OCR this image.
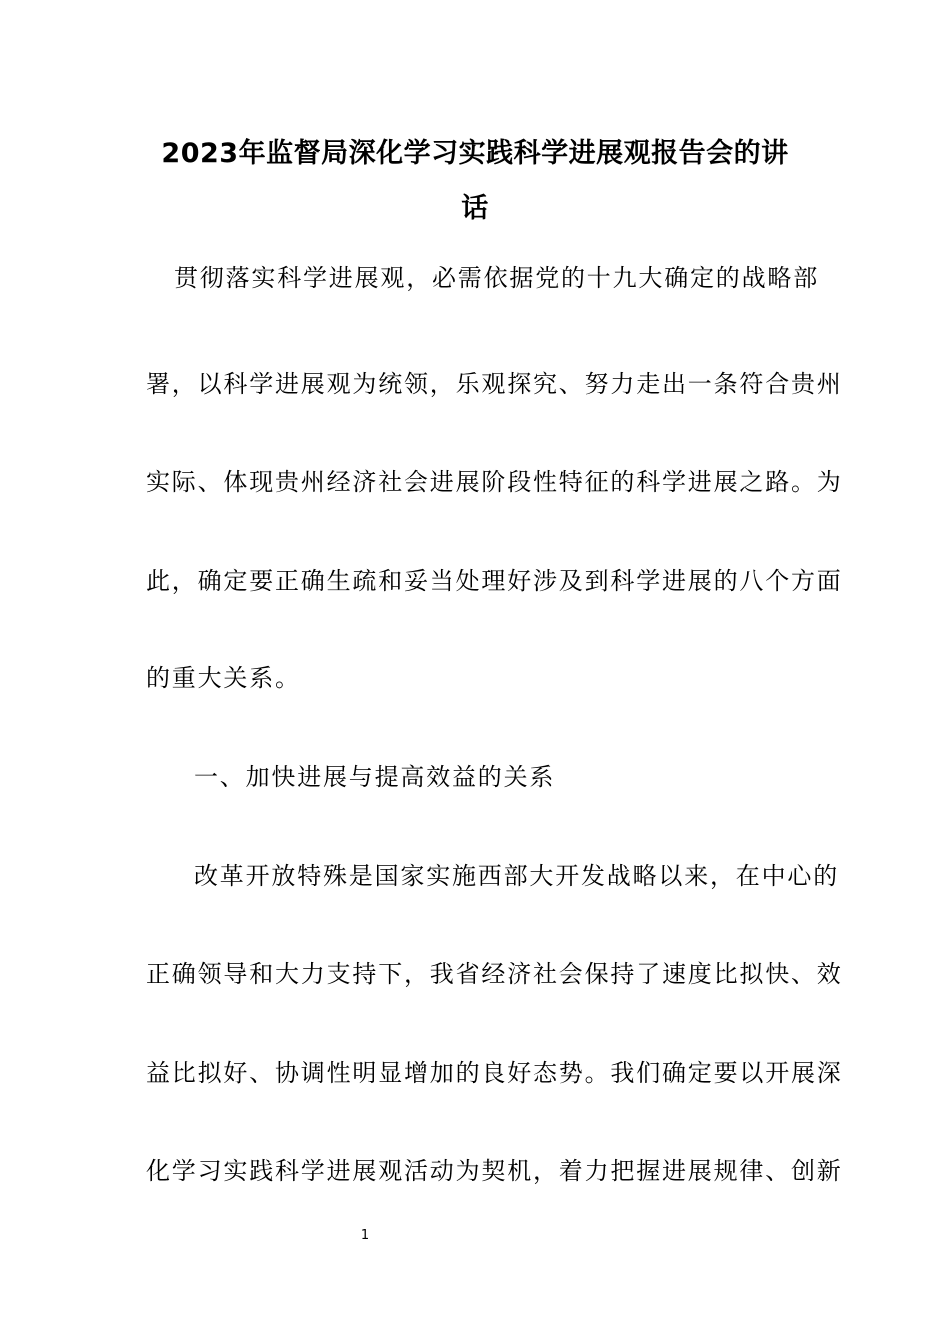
2023年监督局深化学习实践科学进展观报告会的讲
话
贯彻落实科学进展观，必需依据党的十九大确定的战略部
署，以科学进展观为统领，乐观探究、努力走出一条符合贵州
实际、体现贵州经济社会进展阶段性特征的科学进展之路。为
此，确定要正确生疏和妥当处理好涉及到科学进展的八个方面
的重大关系。
一、加快进展与提高效益的关系
改革开放特殊是国家实施西部大开发战略以来，在中心的
正确领导和大力支持下，我省经济社会保持了速度比拟快、效
益比拟好、协调性明显增加的良好态势。我们确定要以开展深
化学习实践科学进展观活动为契机，着力把握进展规律、创新
1
